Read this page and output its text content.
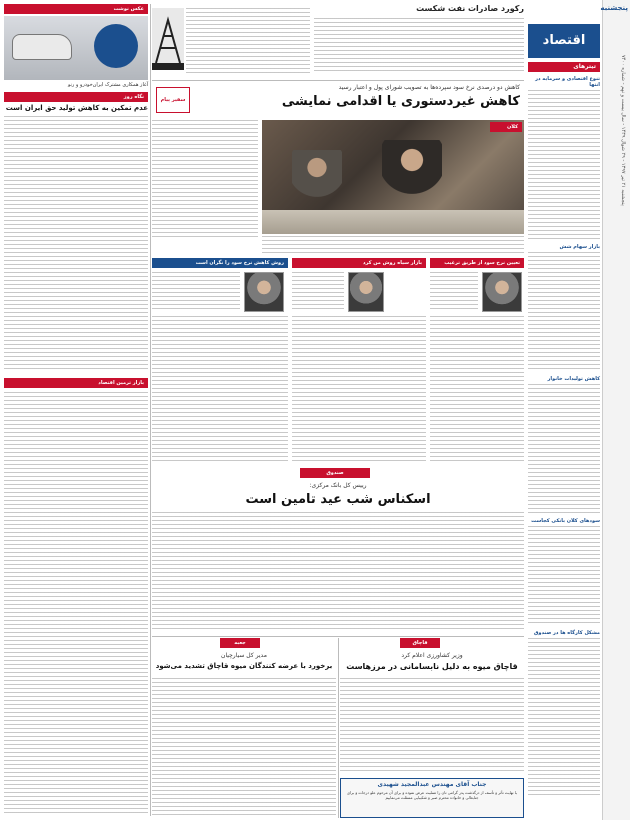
پنجشنبه
پنجشنبه ۲۱ تیر ۱۳۹۷ - ۲۹ شوال ۱۴۳۹ - سال بیست و نهم - شماره ۷۴۰۰
اقتصاد
تیترهای
تنوع اقتصادی و سرمایه در انتها
بازار سهام شش
کاهش تولیدات خانوار
سودهای کلان بانکی کجاست
مشکل کارگاه ها در صندوق
رکورد صادرات نفت شکست
کاهش دو درصدی نرخ سود سپرده‌ها به تصویب شورای پول و اعتبار رسید
کاهش غیردستوری یا اقدامی نمایشی
سفیر پیام
کلان
تعیین نرخ سود از طریق ترغیب
بازار سیاه روش من کرد
روش کاهش نرخ سود را نگران است
صندوق
رییس کل بانک مرکزی:
اسکناس شب عید تامین است
قاچاق
وزیر کشاورزی اعلام کرد
قاچاق میوه به دلیل نابسامانی در مرزهاست
جعبه
مدیر کل سیارچیان
برخورد با عرضه کنندگان میوه قاچاق تشدید می‌شود
جناب آقای مهندس عبدالمجید شهیدی
با نهایت تأثر و تأسف از درگذشت پدر گرامی تان را تسلیت عرض نموده و برای آن مرحوم علو درجات و برای جنابعالی و خانواده محترم صبر و شکیبایی مسئلت می‌نماییم
عکس نوشت
آغاز همکاری مشترک ایران‌خودرو و رنو
نگاه روز
عدم تمکین به کاهش تولید حق ایران است
بازار ترمین اقتصاد
